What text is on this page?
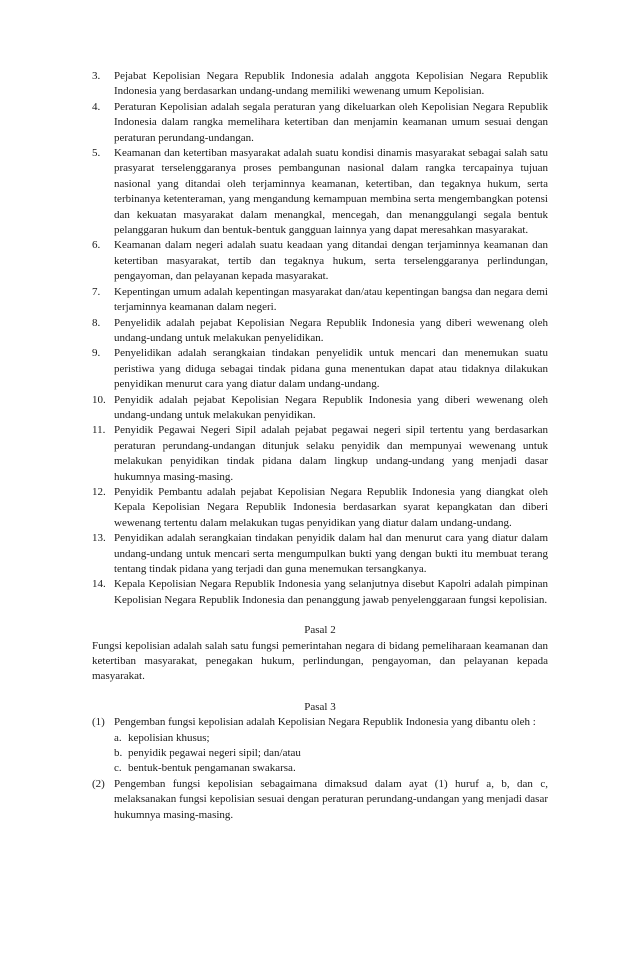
3. Pejabat Kepolisian Negara Republik Indonesia adalah anggota Kepolisian Negara Republik Indonesia yang berdasarkan undang-undang memiliki wewenang umum Kepolisian.
4. Peraturan Kepolisian adalah segala peraturan yang dikeluarkan oleh Kepolisian Negara Republik Indonesia dalam rangka memelihara ketertiban dan menjamin keamanan umum sesuai dengan peraturan perundang-undangan.
5. Keamanan dan ketertiban masyarakat adalah suatu kondisi dinamis masyarakat sebagai salah satu prasyarat terselenggaranya proses pembangunan nasional dalam rangka tercapainya tujuan nasional yang ditandai oleh terjaminnya keamanan, ketertiban, dan tegaknya hukum, serta terbinanya ketenteraman, yang mengandung kemampuan membina serta mengembangkan potensi dan kekuatan masyarakat dalam menangkal, mencegah, dan menanggulangi segala bentuk pelanggaran hukum dan bentuk-bentuk gangguan lainnya yang dapat meresahkan masyarakat.
6. Keamanan dalam negeri adalah suatu keadaan yang ditandai dengan terjaminnya keamanan dan ketertiban masyarakat, tertib dan tegaknya hukum, serta terselenggaranya perlindungan, pengayoman, dan pelayanan kepada masyarakat.
7. Kepentingan umum adalah kepentingan masyarakat dan/atau kepentingan bangsa dan negara demi terjaminnya keamanan dalam negeri.
8. Penyelidik adalah pejabat Kepolisian Negara Republik Indonesia yang diberi wewenang oleh undang-undang untuk melakukan penyelidikan.
9. Penyelidikan adalah serangkaian tindakan penyelidik untuk mencari dan menemukan suatu peristiwa yang diduga sebagai tindak pidana guna menentukan dapat atau tidaknya dilakukan penyidikan menurut cara yang diatur dalam undang-undang.
10. Penyidik adalah pejabat Kepolisian Negara Republik Indonesia yang diberi wewenang oleh undang-undang untuk melakukan penyidikan.
11. Penyidik Pegawai Negeri Sipil adalah pejabat pegawai negeri sipil tertentu yang berdasarkan peraturan perundang-undangan ditunjuk selaku penyidik dan mempunyai wewenang untuk melakukan penyidikan tindak pidana dalam lingkup undang-undang yang menjadi dasar hukumnya masing-masing.
12. Penyidik Pembantu adalah pejabat Kepolisian Negara Republik Indonesia yang diangkat oleh Kepala Kepolisian Negara Republik Indonesia berdasarkan syarat kepangkatan dan diberi wewenang tertentu dalam melakukan tugas penyidikan yang diatur dalam undang-undang.
13. Penyidikan adalah serangkaian tindakan penyidik dalam hal dan menurut cara yang diatur dalam undang-undang untuk mencari serta mengumpulkan bukti yang dengan bukti itu membuat terang tentang tindak pidana yang terjadi dan guna menemukan tersangkanya.
14. Kepala Kepolisian Negara Republik Indonesia yang selanjutnya disebut Kapolri adalah pimpinan Kepolisian Negara Republik Indonesia dan penanggung jawab penyelenggaraan fungsi kepolisian.
Pasal 2
Fungsi kepolisian adalah salah satu fungsi pemerintahan negara di bidang pemeliharaan keamanan dan ketertiban masyarakat, penegakan hukum, perlindungan, pengayoman, dan pelayanan kepada masyarakat.
Pasal 3
(1) Pengemban fungsi kepolisian adalah Kepolisian Negara Republik Indonesia yang dibantu oleh :
a. kepolisian khusus;
b. penyidik pegawai negeri sipil; dan/atau
c. bentuk-bentuk pengamanan swakarsa.
(2) Pengemban fungsi kepolisian sebagaimana dimaksud dalam ayat (1) huruf a, b, dan c, melaksanakan fungsi kepolisian sesuai dengan peraturan perundang-undangan yang menjadi dasar hukumnya masing-masing.
